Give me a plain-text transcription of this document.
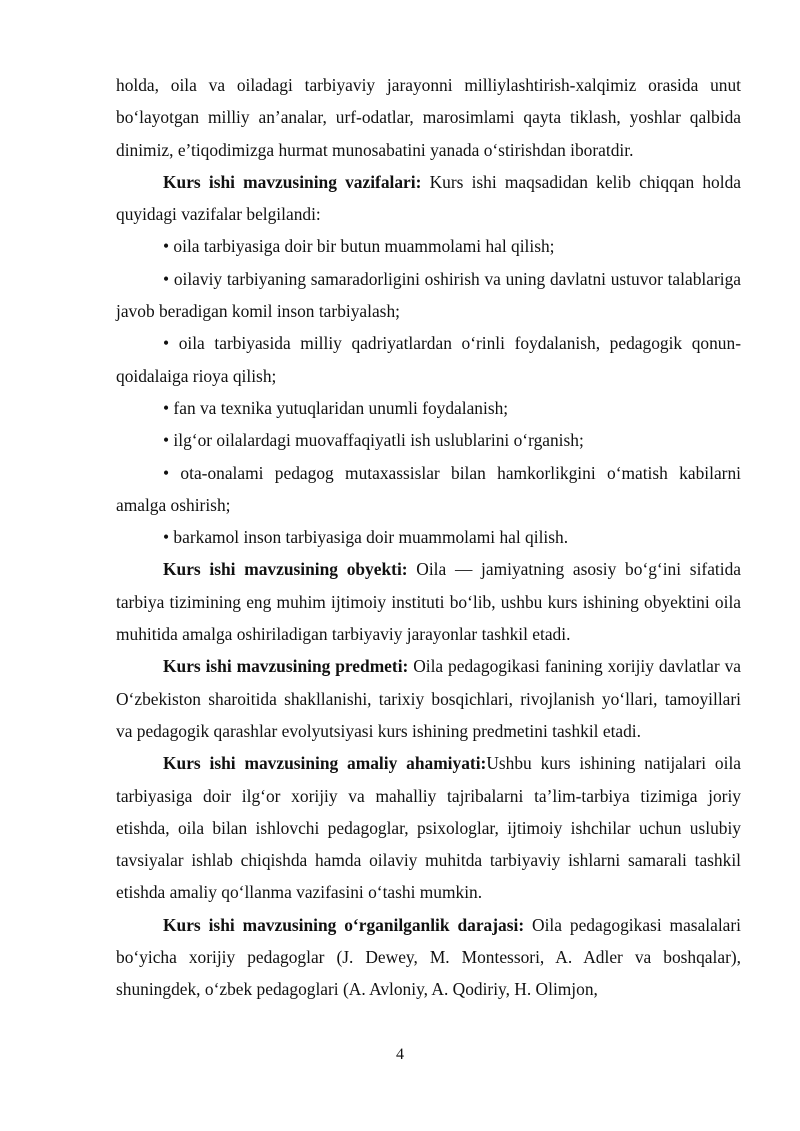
holda, oila va oiladagi tarbiyaviy jarayonni milliylashtirish-xalqimiz orasida unut bo‘layotgan milliy an’analar, urf-odatlar, marosimlami qayta tiklash, yoshlar qalbida dinimiz, e’tiqodimizga hurmat munosabatini yanada o‘stirishdan iboratdir.

Kurs ishi mavzusining vazifalari: Kurs ishi maqsadidan kelib chiqqan holda quyidagi vazifalar belgilandi:

• oila tarbiyasiga doir bir butun muammolami hal qilish;

• oilaviy tarbiyaning samaradorligini oshirish va uning davlatni ustuvor talablariga javob beradigan komil inson tarbiyalash;

• oila tarbiyasida milliy qadriyatlardan o‘rinli foydalanish, pedagogik qonun-qoidalaiga rioya qilish;

• fan va texnika yutuqlaridan unumli foydalanish;

• ilg‘or oilalardagi muovaffaqiyatli ish uslublarini o‘rganish;

• ota-onalami pedagog mutaxassislar bilan hamkorlikgini o‘matish kabilarni amalga oshirish;

• barkamol inson tarbiyasiga doir muammolami hal qilish.

Kurs ishi mavzusining obyekti: Oila — jamiyatning asosiy bo‘g‘ini sifatida tarbiya tizimining eng muhim ijtimoiy instituti bo‘lib, ushbu kurs ishining obyektini oila muhitida amalga oshiriladigan tarbiyaviy jarayonlar tashkil etadi.

Kurs ishi mavzusining predmeti: Oila pedagogikasi fanining xorijiy davlatlar va O‘zbekiston sharoitida shakllanishi, tarixiy bosqichlari, rivojlanish yo‘llari, tamoyillari va pedagogik qarashlar evolyutsiyasi kurs ishining predmetini tashkil etadi.

Kurs ishi mavzusining amaliy ahamiyati:Ushbu kurs ishining natijalari oila tarbiyasiga doir ilg‘or xorijiy va mahalliy tajribalarni ta’lim-tarbiya tizimiga joriy etishda, oila bilan ishlovchi pedagoglar, psixologlar, ijtimoiy ishchilar uchun uslubiy tavsiyalar ishlab chiqishda hamda oilaviy muhitda tarbiyaviy ishlarni samarali tashkil etishda amaliy qo‘llanma vazifasini o‘tashi mumkin.

Kurs ishi mavzusining o‘rganilganlik darajasi: Oila pedagogikasi masalalari bo‘yicha xorijiy pedagoglar (J. Dewey, M. Montessori, A. Adler va boshqalar), shuningdek, o‘zbek pedagoglari (A. Avloniy, A. Qodiriy, H. Olimjon,

4
